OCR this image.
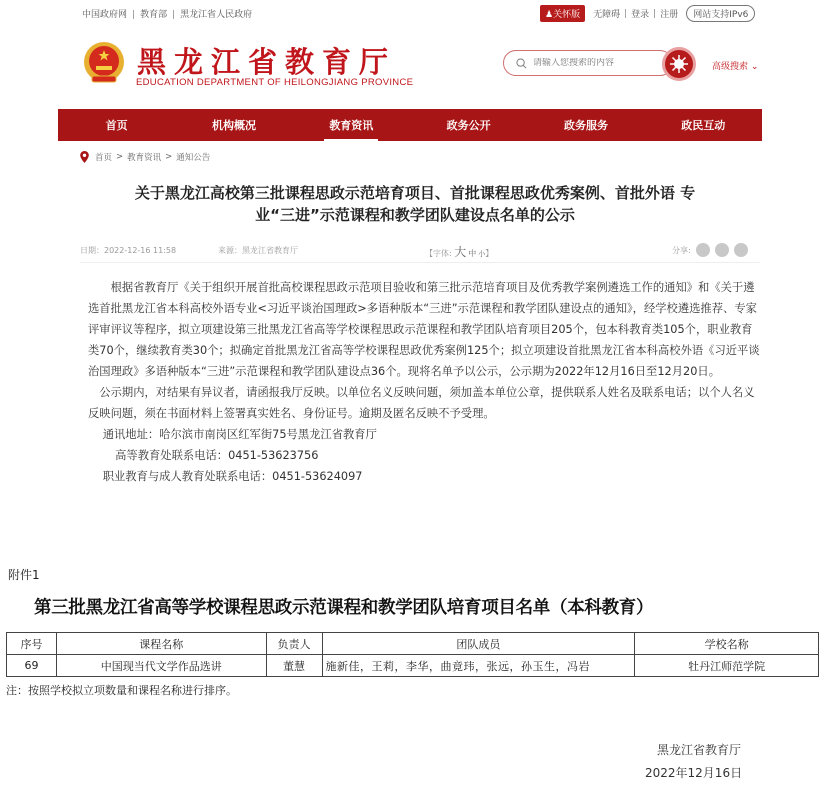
中国政府网 | 教育部 | 黑龙江省人民政府	♟关怀版	无障碍 | 登录 | 注册	网站支持IPv6
黑龙江省教育厅
EDUCATION DEPARTMENT OF HEILONGJIANG PROVINCE
请输入您搜索的内容
高级搜索 ⌄
首页	机构概况	教育资讯	政务公开	政务服务	政民互动
首页 > 教育资讯 > 通知公告
关于黑龙江高校第三批课程思政示范培育项目、首批课程思政优秀案例、首批外语 专
业“三进”示范课程和教学团队建设点名单的公示
日期：2022-12-16 11:58	来源：黑龙江省教育厅	【字体: 大 中 小】	分享:

根据省教育厅《关于组织开展首批高校课程思政示范项目验收和第三批示范培育项目及优秀教学案例遴选工作的通知》和《关于遴选首批黑龙江省本科高校外语专业<习近平谈治国理政>多语种版本“三进”示范课程和教学团队建设点的通知》，经学校遴选推荐、专家评审评议等程序，拟立项建设第三批黑龙江省高等学校课程思政示范课程和教学团队培育项目205个，包本科教育类105个，职业教育类70个，继续教育类30个；拟确定首批黑龙江省高等学校课程思政优秀案例125个；拟立项建设首批黑龙江省本科高校外语《习近平谈治国理政》多语种版本“三进”示范课程和教学团队建设点36个。现将名单予以公示，公示期为2022年12月16日至12月20日。

公示期内，对结果有异议者，请函报我厅反映。以单位名义反映问题，须加盖本单位公章，提供联系人姓名及联系电话；以个人名义反映问题，须在书面材料上签署真实姓名、身份证号。逾期及匿名反映不予受理。

通讯地址：哈尔滨市南岗区红军街75号黑龙江省教育厅

高等教育处联系电话：0451-53623756

职业教育与成人教育处联系电话：0451-53624097

附件1
第三批黑龙江省高等学校课程思政示范课程和教学团队培育项目名单（本科教育）
序号	课程名称	负责人	团队成员	学校名称
69	中国现当代文学作品选讲	董慧	施新佳，王莉，李华，曲竟玮，张远，孙玉生，冯岩	牡丹江师范学院
注：按照学校拟立项数量和课程名称进行排序。
黑龙江省教育厅
2022年12月16日
